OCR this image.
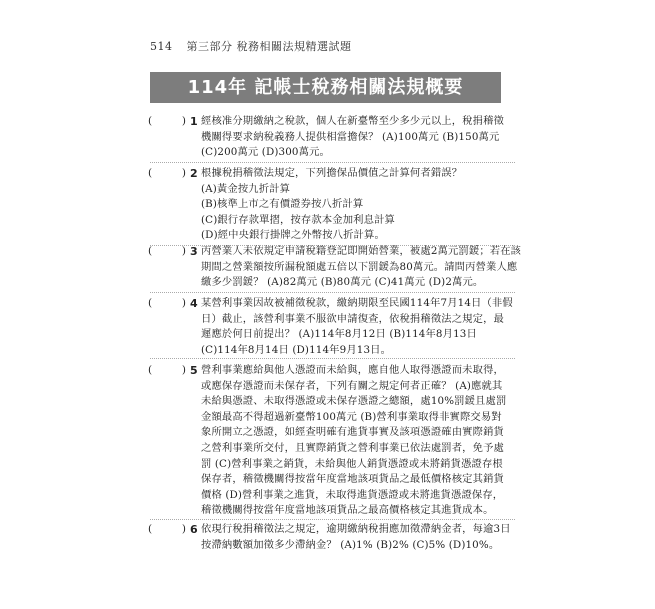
514 第三部分 稅務相關法規精選試題
114年 記帳士稅務相關法規概要
(	) 1 經核准分期繳納之稅款，個人在新臺幣至少多少元以上，稅捐稽徵
機關得要求納稅義務人提供相當擔保？ (A)100萬元 (B)150萬元
(C)200萬元 (D)300萬元。
(	) 2 根據稅捐稽徵法規定，下列擔保品價值之計算何者錯誤？
(A)黃金按九折計算
(B)核準上市之有價證券按八折計算
(C)銀行存款單摺，按存款本金加利息計算
(D)經中央銀行掛牌之外幣按八折計算。
(	) 3 丙營業人未依規定申請稅籍登記即開始營業，被處2萬元罰鍰；若在該
期間之營業額按所漏稅額處五倍以下罰鍰為80萬元。請問丙營業人應
繳多少罰鍰？ (A)82萬元 (B)80萬元 (C)41萬元 (D)2萬元。
(	) 4 某營利事業因故被補徵稅款，繳納期限至民國114年7月14日（非假
日）截止，該營利事業不服欲申請復查，依稅捐稽徵法之規定，最
遲應於何日前提出？ (A)114年8月12日 (B)114年8月13日
(C)114年8月14日 (D)114年9月13日。
(	) 5 營利事業應給與他人憑證而未給與，應自他人取得憑證而未取得，
或應保存憑證而未保存者，下列有關之規定何者正確？ (A)應就其
未給與憑證、未取得憑證或未保存憑證之總額，處10%罰鍰且處罰
金額最高不得超過新臺幣100萬元 (B)營利事業取得非實際交易對
象所開立之憑證，如經查明確有進貨事實及該項憑證確由實際銷貨
之營利事業所交付，且實際銷貨之營利事業已依法處罰者，免予處
罰 (C)營利事業之銷貨，未給與他人銷貨憑證或未將銷貨憑證存根
保存者，稽徵機關得按當年度當地該項貨品之最低價格核定其銷貨
價格 (D)營利事業之進貨，未取得進貨憑證或未將進貨憑證保存，
稽徵機關得按當年度當地該項貨品之最高價格核定其進貨成本。
(	) 6 依現行稅捐稽徵法之規定，逾期繳納稅捐應加徵滯納金者，每逾3日
按滯納數額加徵多少滯納金？ (A)1% (B)2% (C)5% (D)10%。
